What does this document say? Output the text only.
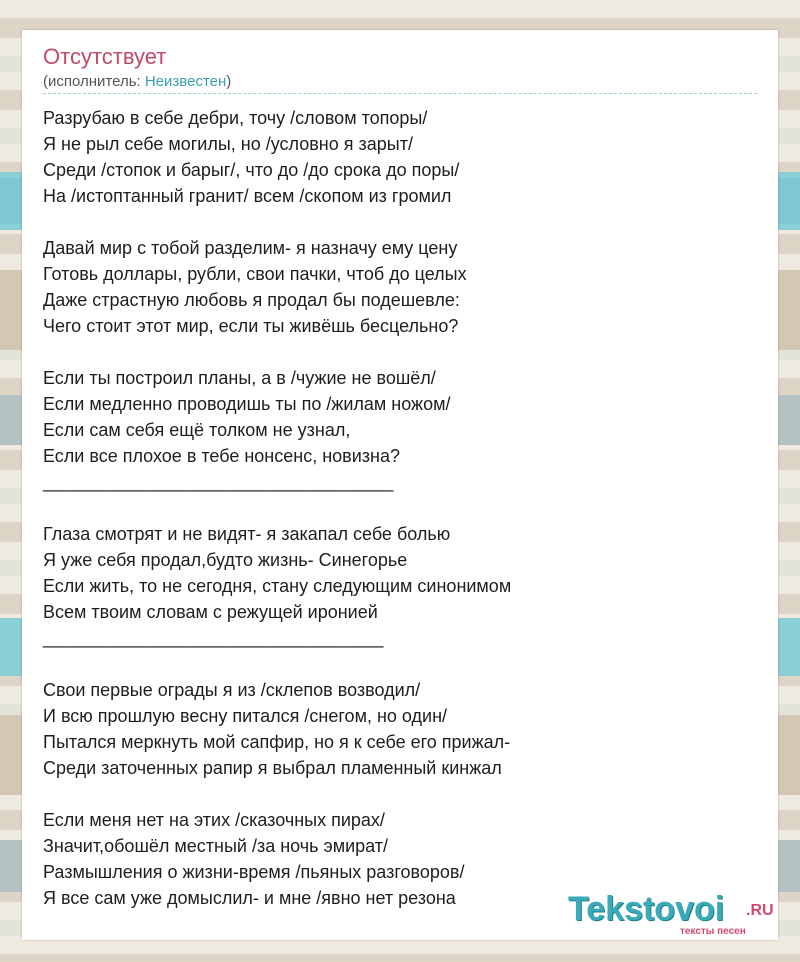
Отсутствует
(исполнитель: Неизвестен)
Разрубаю в себе дебри, точу /словом топоры/
Я не рыл себе могилы, но /условно я зарыт/
Среди /стопок и барыг/, что до /до срока до поры/
На /истоптанный гранит/ всем /скопом из громил
Давай мир с тобой разделим- я назначу ему цену
Готовь доллары, рубли, свои пачки, чтоб до целых
Даже страстную любовь я продал бы подешевле:
Чего стоит этот мир, если ты живёшь бесцельно?
Если ты построил планы, а в /чужие не вошёл/
Если медленно проводишь ты по /жилам ножом/
Если сам себя ещё толком не узнал,
Если все плохое в тебе нонсенс, новизна?
___________________________________
Глаза смотрят и не видят- я закапал себе болью
Я уже себя продал,будто жизнь- Синегорье
Если жить, то не сегодня, стану следующим синонимом
Всем твоим словам с режущей иронией
__________________________________
Свои первые ограды я из /склепов возводил/
И всю прошлую весну питался /снегом, но один/
Пытался меркнуть мой сапфир, но я к себе его прижал-
Среди заточенных рапир я выбрал пламенный кинжал
Если меня нет на этих /сказочных пирах/
Значит,обошёл местный /за ночь эмират/
Размышления о жизни-время /пьяных разговоров/
Я все сам уже домыслил- и мне /явно нет резона	Tekstovoi .RU
тексты песен
